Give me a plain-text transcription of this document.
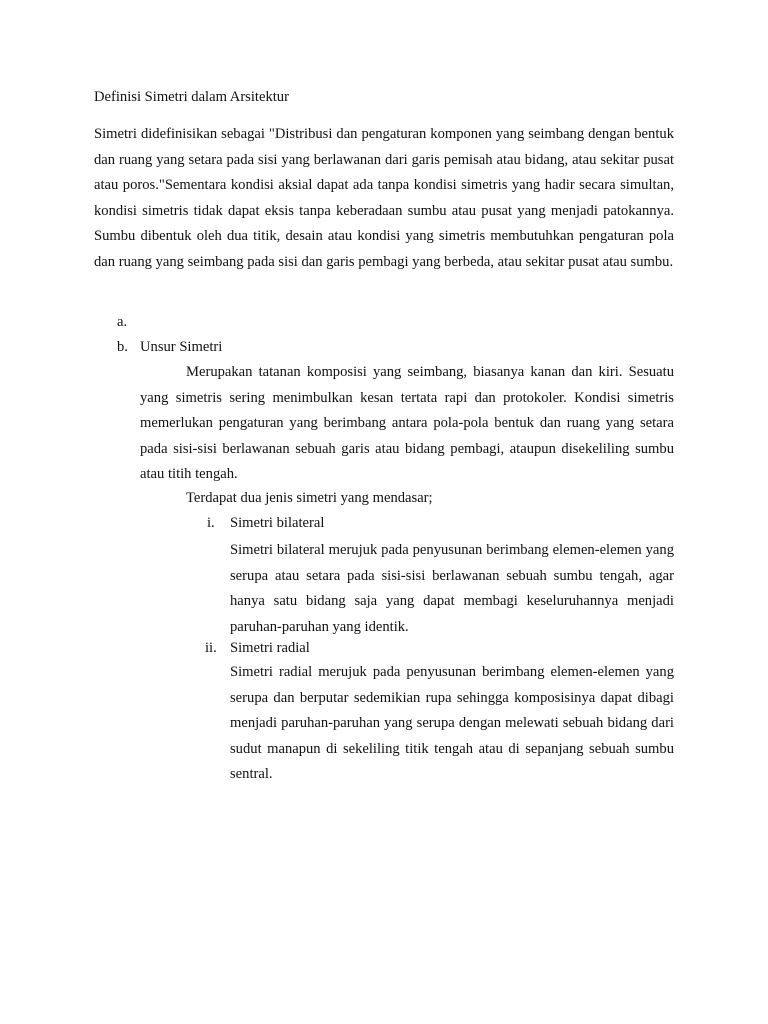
Definisi Simetri dalam Arsitektur

Simetri didefinisikan sebagai "Distribusi dan pengaturan komponen yang seimbang dengan bentuk dan ruang yang setara pada sisi yang berlawanan dari garis pemisah atau bidang, atau sekitar pusat atau poros."Sementara kondisi aksial dapat ada tanpa kondisi simetris yang hadir secara simultan, kondisi simetris tidak dapat eksis tanpa keberadaan sumbu atau pusat yang menjadi patokannya. Sumbu dibentuk oleh dua titik, desain atau kondisi yang simetris membutuhkan pengaturan pola dan ruang yang seimbang pada sisi dan garis pembagi yang berbeda, atau sekitar pusat atau sumbu.

a.
b. Unsur Simetri

Merupakan tatanan komposisi yang seimbang, biasanya kanan dan kiri. Sesuatu yang simetris sering menimbulkan kesan tertata rapi dan protokoler. Kondisi simetris memerlukan pengaturan yang berimbang antara pola-pola bentuk dan ruang yang setara pada sisi-sisi berlawanan sebuah garis atau bidang pembagi, ataupun disekeliling sumbu atau titih tengah.

Terdapat dua jenis simetri yang mendasar;

i. Simetri bilateral

Simetri bilateral merujuk pada penyusunan berimbang elemen-elemen yang serupa atau setara pada sisi-sisi berlawanan sebuah sumbu tengah, agar hanya satu bidang saja yang dapat membagi keseluruhannya menjadi paruhan-paruhan yang identik.

ii. Simetri radial

Simetri radial merujuk pada penyusunan berimbang elemen-elemen yang serupa dan berputar sedemikian rupa sehingga komposisinya dapat dibagi menjadi paruhan-paruhan yang serupa dengan melewati sebuah bidang dari sudut manapun di sekeliling titik tengah atau di sepanjang sebuah sumbu sentral.
